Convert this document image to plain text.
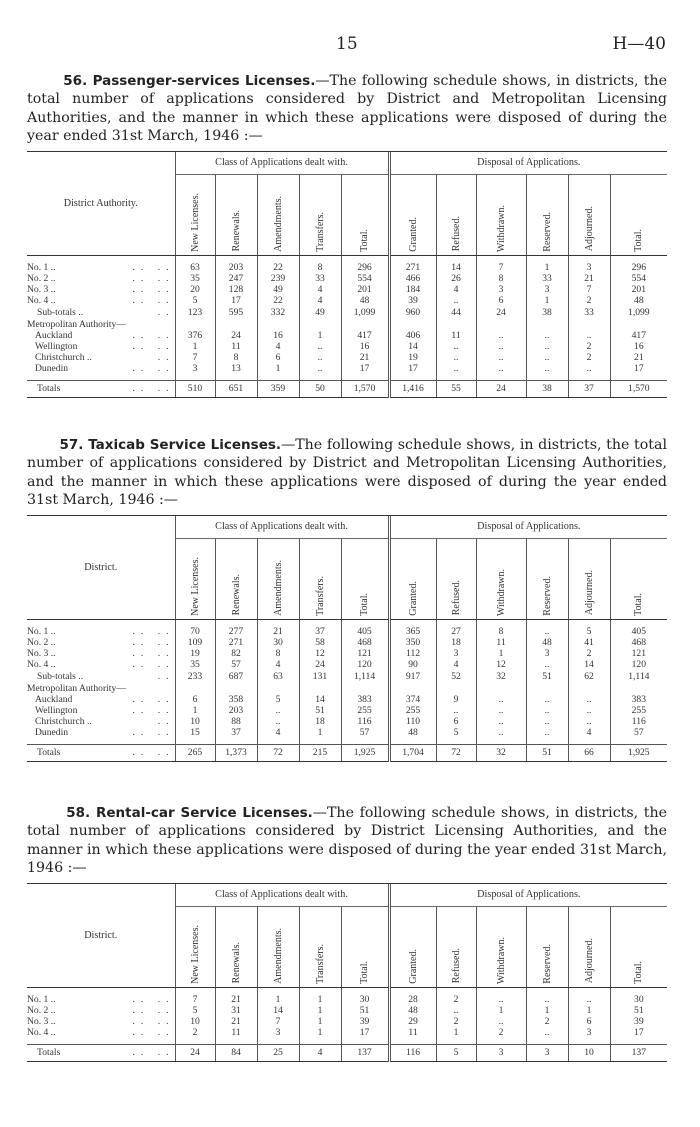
15	H—40

56. Passenger-services Licenses.—The following schedule shows, in districts, the total number of applications considered by District and Metropolitan Licensing Authorities, and the manner in which these applications were disposed of during the year ended 31st March, 1946 :—

District Authority.	Class of Applications dealt with.					Disposal of Applications.					
	New Licenses.	Renewals.	Amendments.	Transfers.	Total.	Granted.	Refused.	Withdrawn.	Reserved.	Adjourned.	Total.

No. 1 .. .. ..	63	203	22	8	296	271	14	7	1	3	296
No. 2 .. .. ..	35	247	239	33	554	466	26	8	33	21	554
No. 3 .. .. ..	20	128	49	4	201	184	4	3	3	7	201
No. 4 .. .. ..	5	17	22	4	48	39	..	6	1	2	48
Sub-totals .. ..	123	595	332	49	1,099	960	44	24	38	33	1,099
Metropolitan Authority—											
Auckland .. ..	376	24	16	1	417	406	11	..	..	..	417
Wellington .. ..	1	11	4	..	16	14	..	..	..	2	16
Christchurch .. ..	7	8	6	..	21	19	..	..	..	2	21
Dunedin .. ..	3	13	1	..	17	17	..	..	..	..	17

Totals .. ..	510	651	359	50	1,570	1,416	55	24	38	37	1,570

57. Taxicab Service Licenses.—The following schedule shows, in districts, the total number of applications considered by District and Metropolitan Licensing Authorities, and the manner in which these applications were disposed of during the year ended 31st March, 1946 :—

District.	Class of Applications dealt with.					Disposal of Applications.					
	New Licenses.	Renewals.	Amendments.	Transfers.	Total.	Granted.	Refused.	Withdrawn.	Reserved.	Adjourned.	Total.

No. 1 .. .. ..	70	277	21	37	405	365	27	8	..	5	405
No. 2 .. .. ..	109	271	30	58	468	350	18	11	48	41	468
No. 3 .. .. ..	19	82	8	12	121	112	3	1	3	2	121
No. 4 .. .. ..	35	57	4	24	120	90	4	12	..	14	120
Sub-totals .. ..	233	687	63	131	1,114	917	52	32	51	62	1,114
Metropolitan Authority—											
Auckland .. ..	6	358	5	14	383	374	9	..	..	..	383
Wellington .. ..	1	203	..	51	255	255	..	..	..	..	255
Christchurch .. ..	10	88	..	18	116	110	6	..	..	..	116
Dunedin .. ..	15	37	4	1	57	48	5	..	..	4	57

Totals .. ..	265	1,373	72	215	1,925	1,704	72	32	51	66	1,925

58. Rental-car Service Licenses.—The following schedule shows, in districts, the total number of applications considered by District Licensing Authorities, and the manner in which these applications were disposed of during the year ended 31st March, 1946 :—

District.	Class of Applications dealt with.					Disposal of Applications.					
	New Licenses.	Renewals.	Amendments.	Transfers.	Total.	Granted.	Refused.	Withdrawn.	Reserved.	Adjourned.	Total.

No. 1 .. .. ..	7	21	1	1	30	28	2	..	..	..	30
No. 2 .. .. ..	5	31	14	1	51	48	..	1	1	1	51
No. 3 .. .. ..	10	21	7	1	39	29	2	..	2	6	39
No. 4 .. .. ..	2	11	3	1	17	11	1	2	..	3	17

Totals .. ..	24	84	25	4	137	116	5	3	3	10	137
